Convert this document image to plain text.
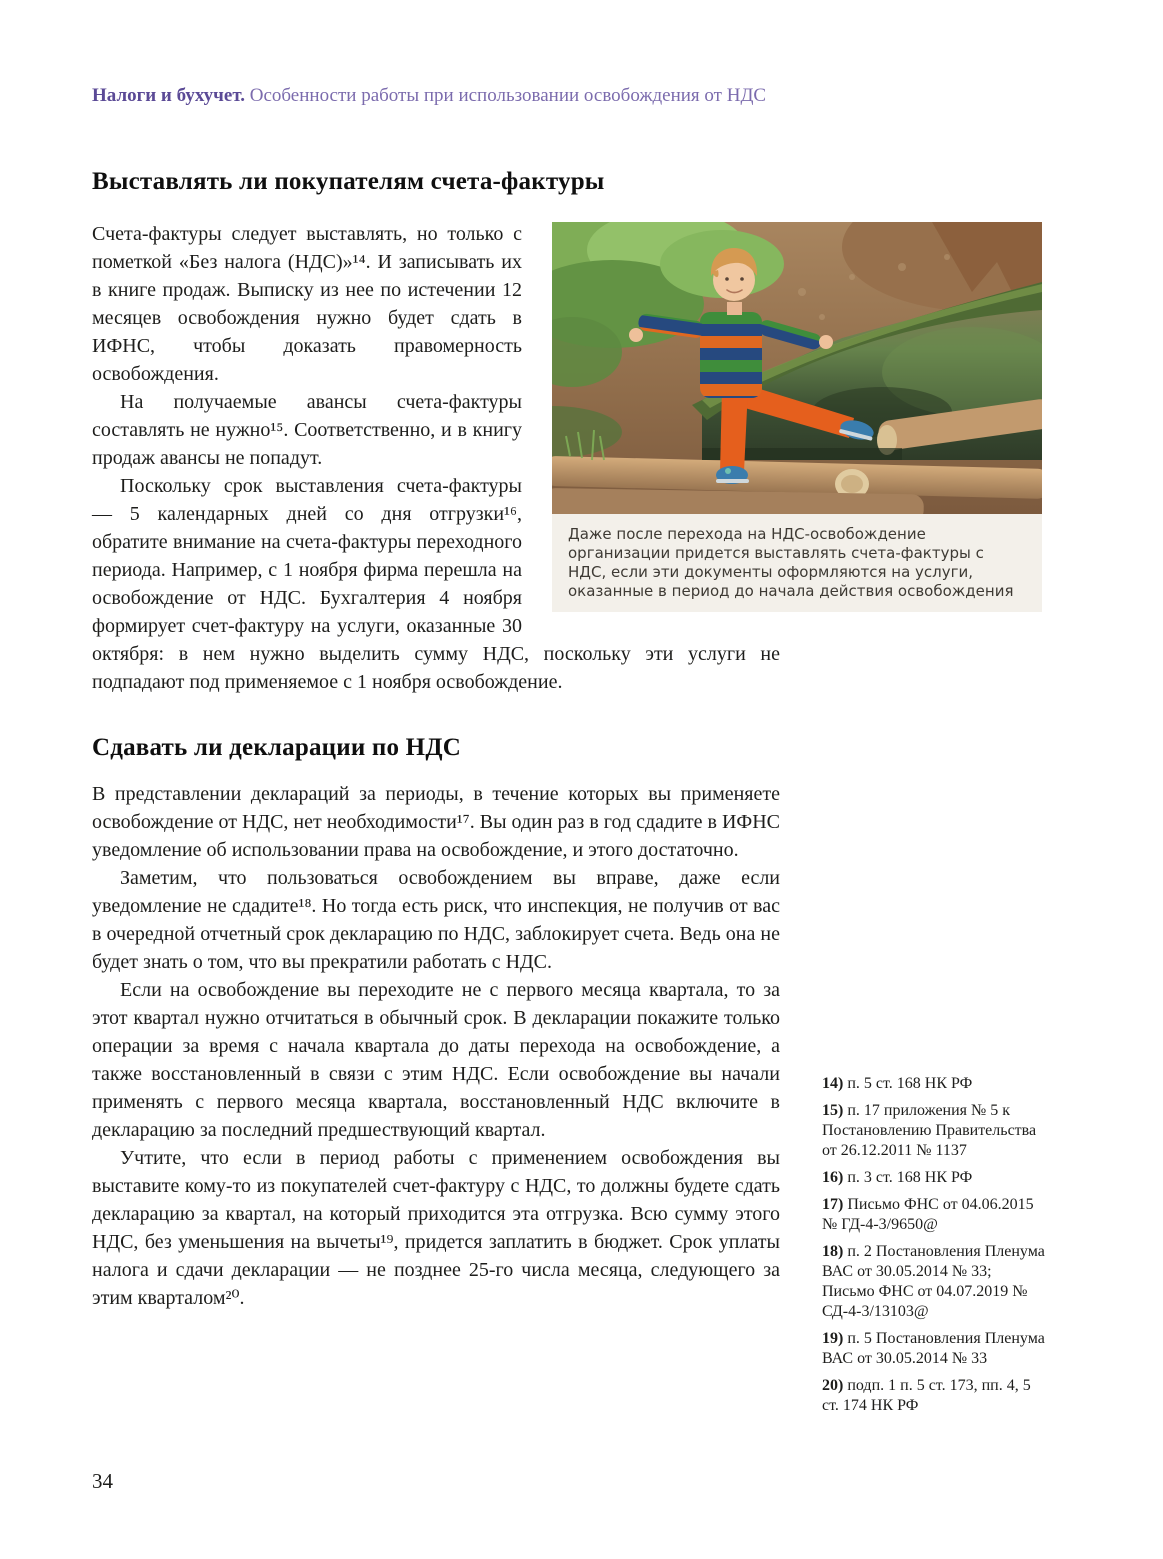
Налоги и бухучет. Особенности работы при использовании освобождения от НДС
Выставлять ли покупателям счета-фактуры
Даже после перехода на НДС-освобождение организации придется выставлять счета-фактуры с НДС, если эти документы оформляются на услуги, оказанные в период до начала действия освобождения

Счета-фактуры следует выставлять, но только с пометкой «Без налога (НДС)»¹⁴. И записывать их в книге продаж. Выписку из нее по истечении 12 месяцев освобождения нужно будет сдать в ИФНС, чтобы доказать правомерность освобождения.

На получаемые авансы счета-фактуры составлять не нужно¹⁵. Соответственно, и в книгу продаж авансы не попадут.

Поскольку срок выставления счета-фактуры — 5 календарных дней со дня отгрузки¹⁶, обратите внимание на счета-фактуры переходного периода. Например, с 1 ноября фирма перешла на освобождение от НДС. Бухгалтерия 4 ноября формирует счет-фактуру на услуги, оказанные 30 октября: в нем нужно выделить сумму НДС, поскольку эти услуги не подпадают под применяемое с 1 ноября освобождение.

Сдавать ли декларации по НДС

В представлении деклараций за периоды, в течение которых вы применяете освобождение от НДС, нет необходимости¹⁷. Вы один раз в год сдадите в ИФНС уведомление об использовании права на освобождение, и этого достаточно.

Заметим, что пользоваться освобождением вы вправе, даже если уведомление не сдадите¹⁸. Но тогда есть риск, что инспекция, не получив от вас в очередной отчетный срок декларацию по НДС, заблокирует счета. Ведь она не будет знать о том, что вы прекратили работать с НДС.

Если на освобождение вы переходите не с первого месяца квартала, то за этот квартал нужно отчитаться в обычный срок. В декларации покажите только операции за время с начала квартала до даты перехода на освобождение, а также восстановленный в связи с этим НДС. Если освобождение вы начали применять с первого месяца квартала, восстановленный НДС включите в декларацию за последний предшествующий квартал.

Учтите, что если в период работы с применением освобождения вы выставите кому-то из покупателей счет-фактуру с НДС, то должны будете сдать декларацию за квартал, на который приходится эта отгрузка. Всю сумму этого НДС, без уменьшения на вычеты¹⁹, придется заплатить в бюджет. Срок уплаты налога и сдачи декларации — не позднее 25-го числа месяца, следующего за этим кварталом²⁰.

14) п. 5 ст. 168 НК РФ
15) п. 17 приложения № 5 к Постановлению Правительства от 26.12.2011 № 1137
16) п. 3 ст. 168 НК РФ
17) Письмо ФНС от 04.06.2015 № ГД-4-3/9650@
18) п. 2 Постановления Пленума ВАС от 30.05.2014 № 33; Письмо ФНС от 04.07.2019 № СД-4-3/13103@
19) п. 5 Постановления Пленума ВАС от 30.05.2014 № 33
20) подп. 1 п. 5 ст. 173, пп. 4, 5 ст. 174 НК РФ
34
